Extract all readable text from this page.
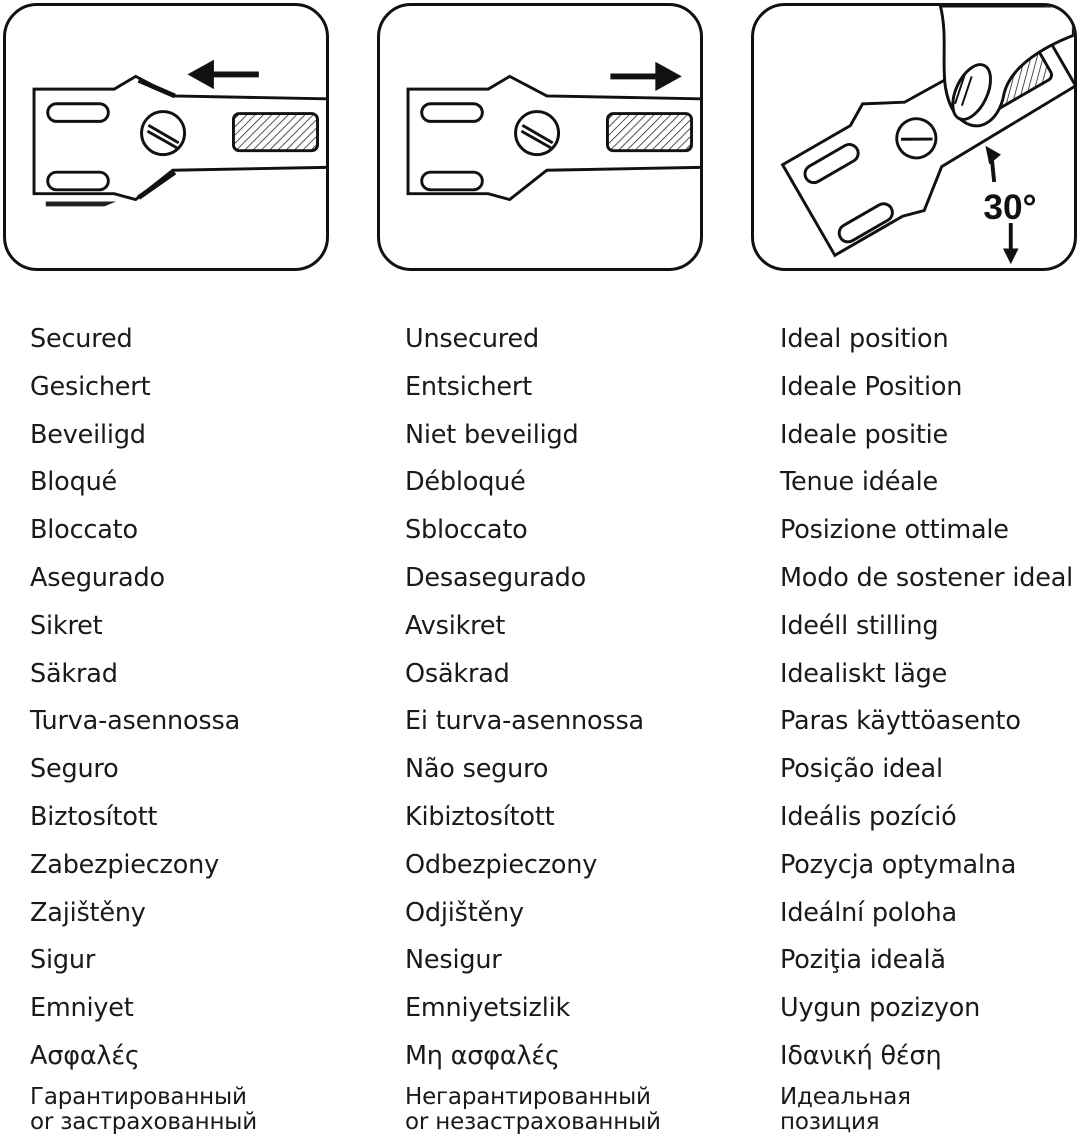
30°
Secured
Gesichert
Beveiligd
Bloqué
Bloccato
Asegurado
Sikret
Säkrad
Turva-asennossa
Seguro
Biztosított
Zabezpieczony
Zajištěny
Sigur
Emniyet
Ασφαλές
Гарантированный
or застрахованный
Unsecured
Entsichert
Niet beveiligd
Débloqué
Sbloccato
Desasegurado
Avsikret
Osäkrad
Ei turva-asennossa
Não seguro
Kibiztosított
Odbezpieczony
Odjištěny
Nesigur
Emniyetsizlik
Μη ασφαλές
Негарантированный
or незастрахованный
Ideal position
Ideale Position
Ideale positie
Tenue idéale
Posizione ottimale
Modo de sostener ideal
Ideéll stilling
Idealiskt läge
Paras käyttöasento
Posição ideal
Ideális pozíció
Pozycja optymalna
Ideální poloha
Poziţia ideală
Uygun pozizyon
Ιδανική θέση
Идеальная
позиция
